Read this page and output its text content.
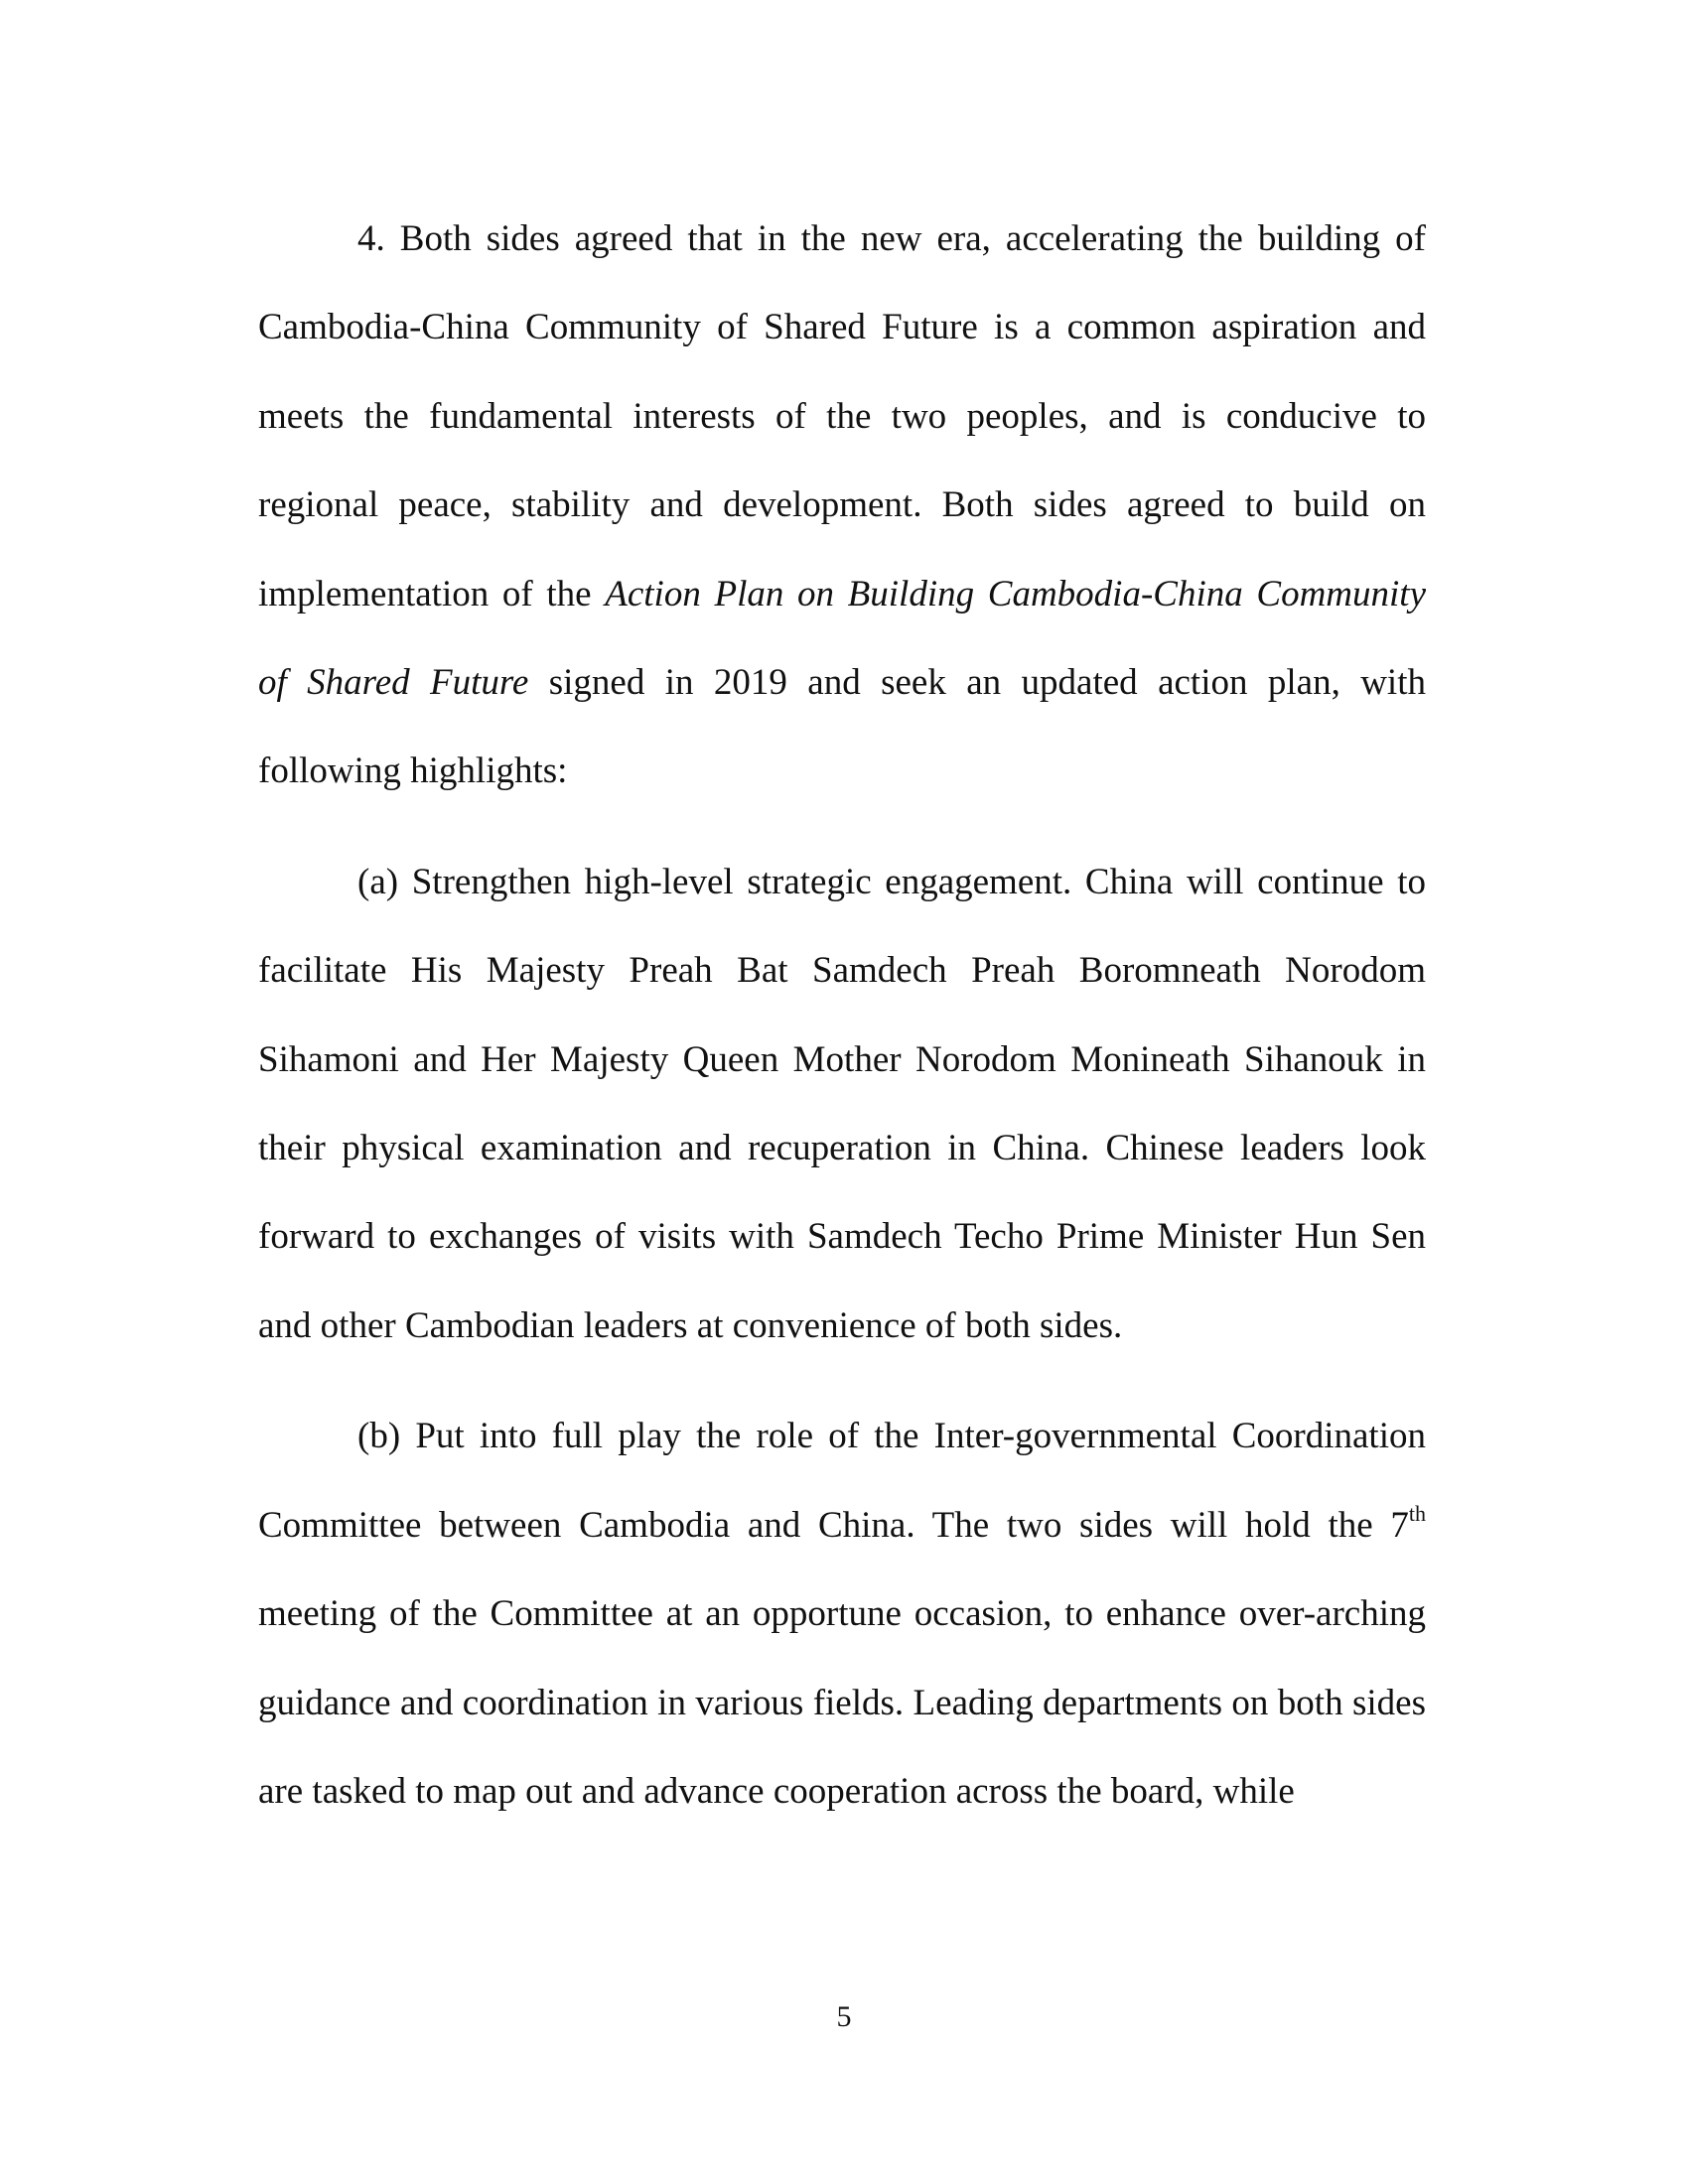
4. Both sides agreed that in the new era, accelerating the building of Cambodia-China Community of Shared Future is a common aspiration and meets the fundamental interests of the two peoples, and is conducive to regional peace, stability and development. Both sides agreed to build on implementation of the Action Plan on Building Cambodia-China Community of Shared Future signed in 2019 and seek an updated action plan, with following highlights:

(a) Strengthen high-level strategic engagement. China will continue to facilitate His Majesty Preah Bat Samdech Preah Boromneath Norodom Sihamoni and Her Majesty Queen Mother Norodom Monineath Sihanouk in their physical examination and recuperation in China. Chinese leaders look forward to exchanges of visits with Samdech Techo Prime Minister Hun Sen and other Cambodian leaders at convenience of both sides.

(b) Put into full play the role of the Inter-governmental Coordination Committee between Cambodia and China. The two sides will hold the 7th meeting of the Committee at an opportune occasion, to enhance over-arching guidance and coordination in various fields. Leading departments on both sides are tasked to map out and advance cooperation across the board, while

5
